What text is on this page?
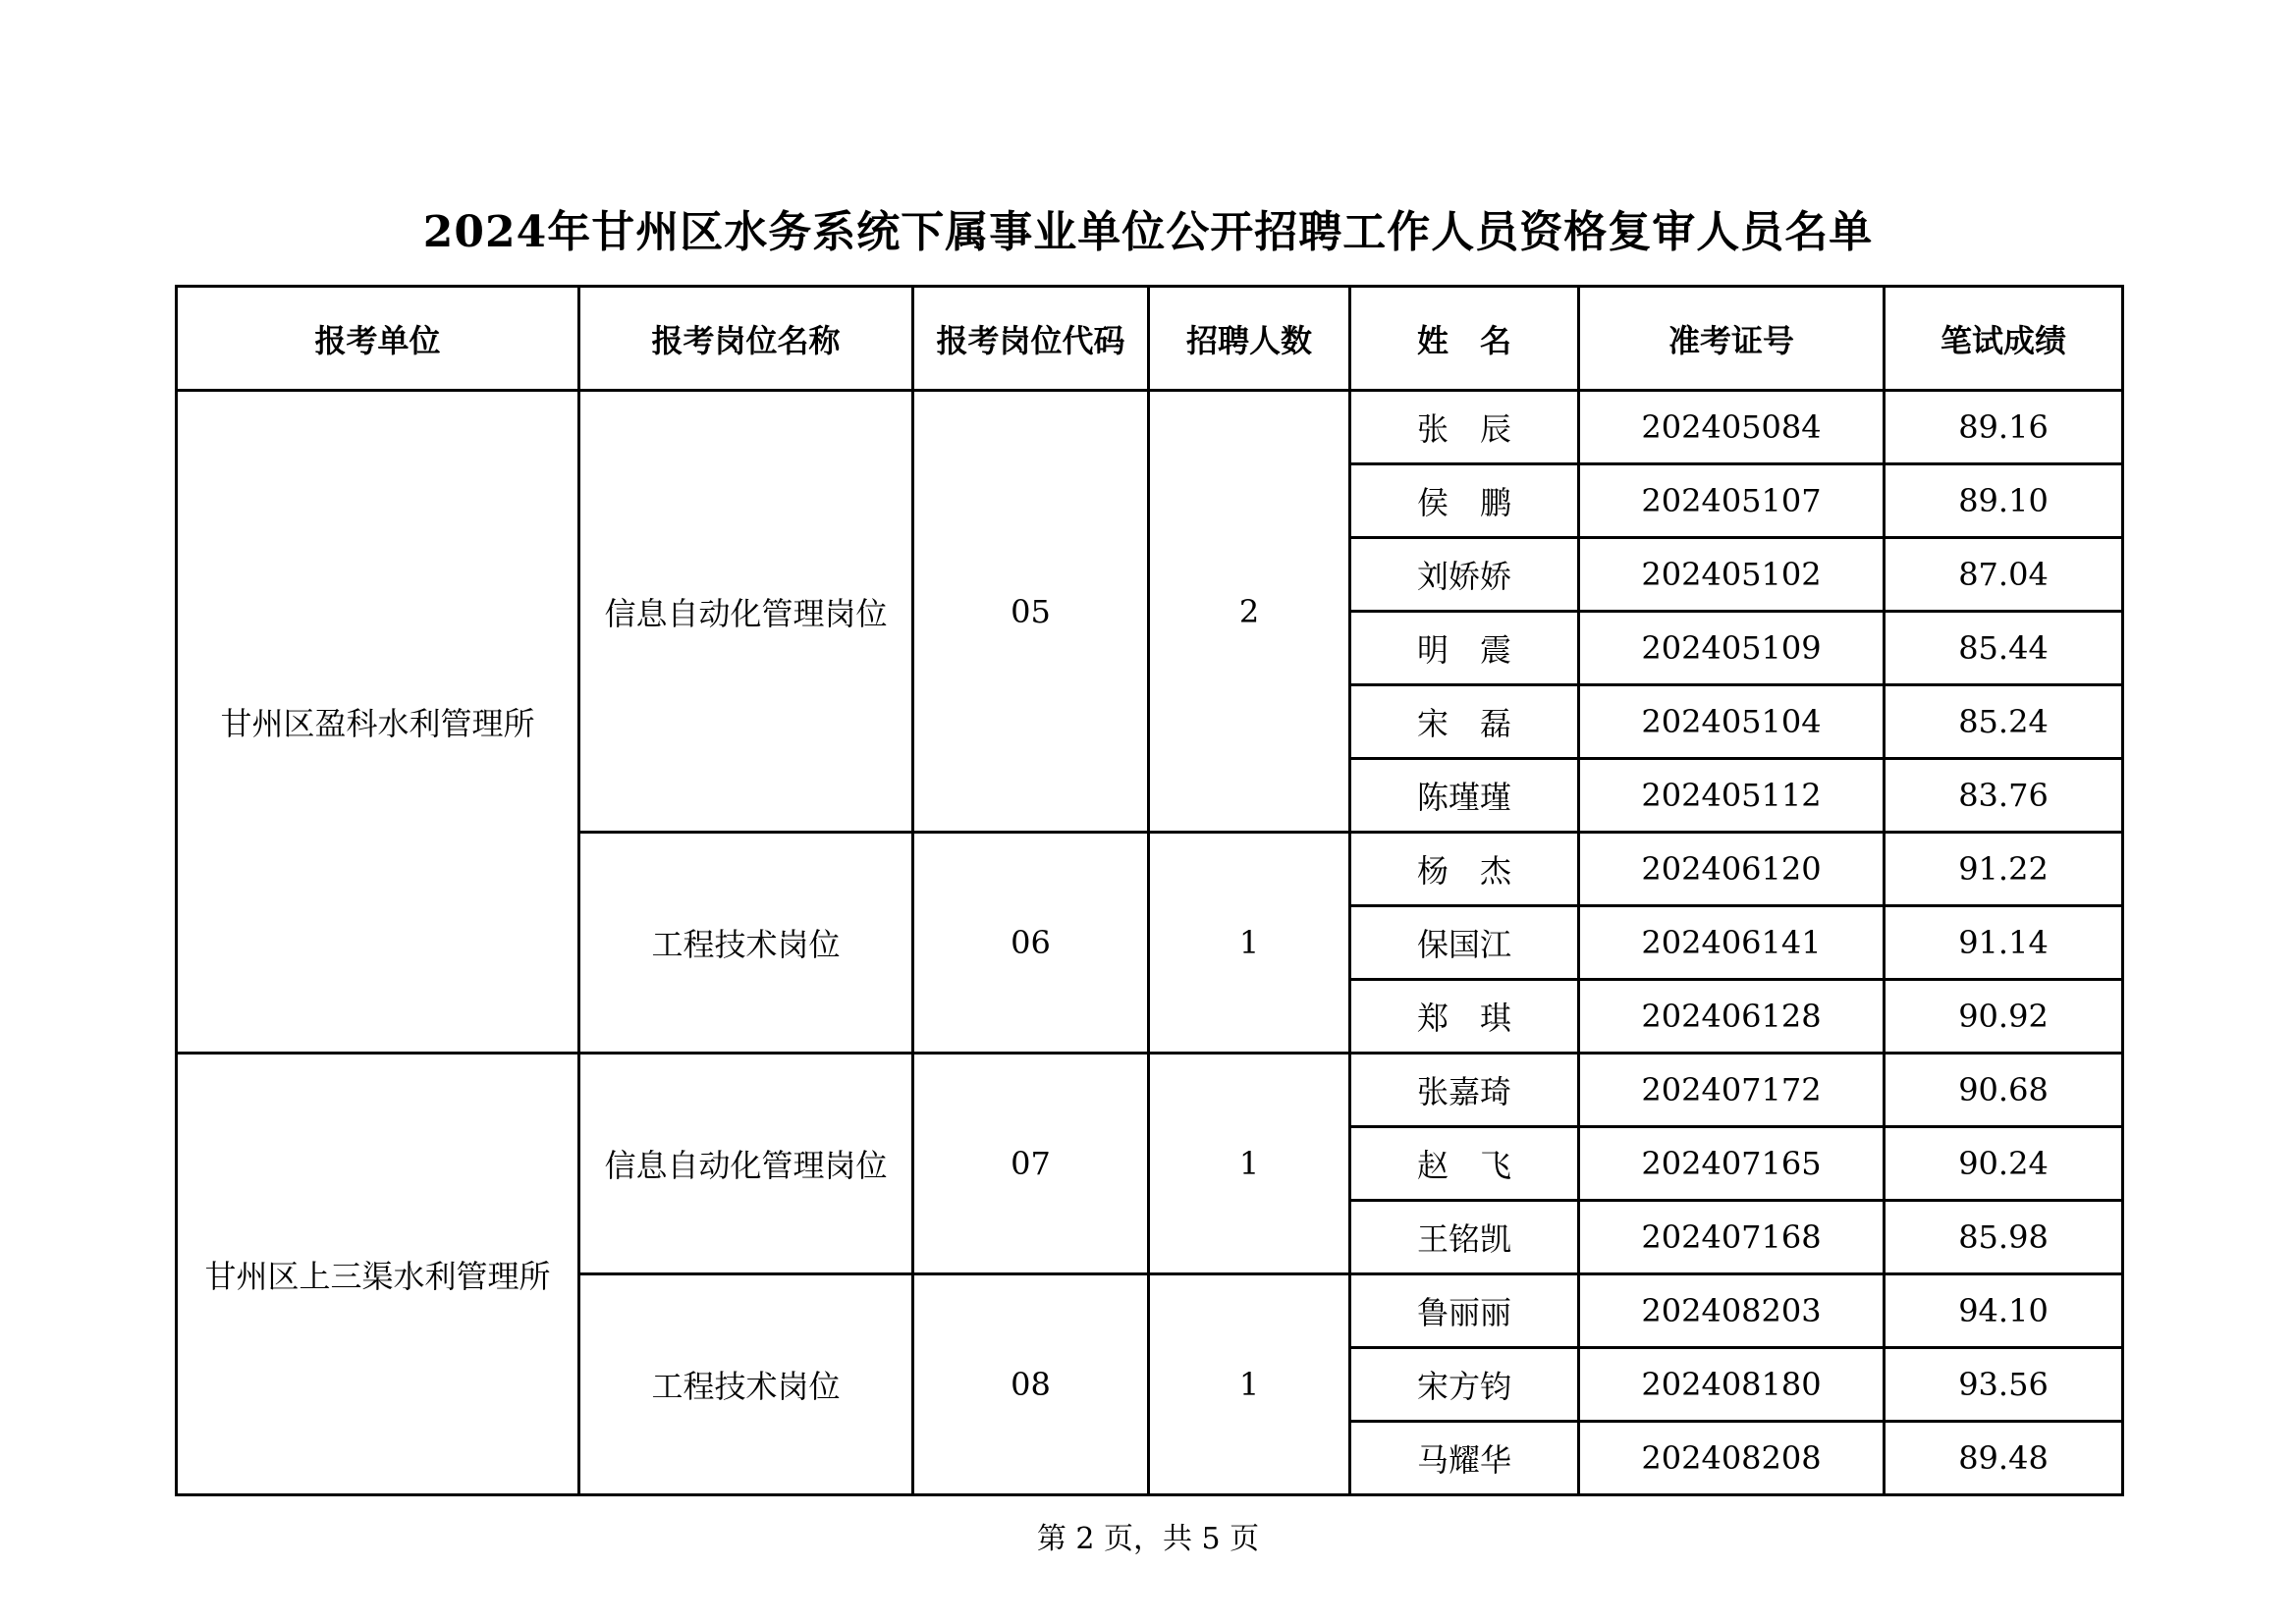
2024年甘州区水务系统下属事业单位公开招聘工作人员资格复审人员名单
报考单位	报考岗位名称	报考岗位代码	招聘人数	姓　名	准考证号	笔试成绩
甘州区盈科水利管理所	信息自动化管理岗位	05	2	张　辰	202405084	89.16
				侯　鹏	202405107	89.10
				刘娇娇	202405102	87.04
				明　震	202405109	85.44
				宋　磊	202405104	85.24
				陈瑾瑾	202405112	83.76
	工程技术岗位	06	1	杨　杰	202406120	91.22
				保国江	202406141	91.14
				郑　琪	202406128	90.92
甘州区上三渠水利管理所	信息自动化管理岗位	07	1	张嘉琦	202407172	90.68
				赵　飞	202407165	90.24
				王铭凯	202407168	85.98
	工程技术岗位	08	1	鲁丽丽	202408203	94.10
				宋方钧	202408180	93.56
				马耀华	202408208	89.48
第 2 页，共 5 页
